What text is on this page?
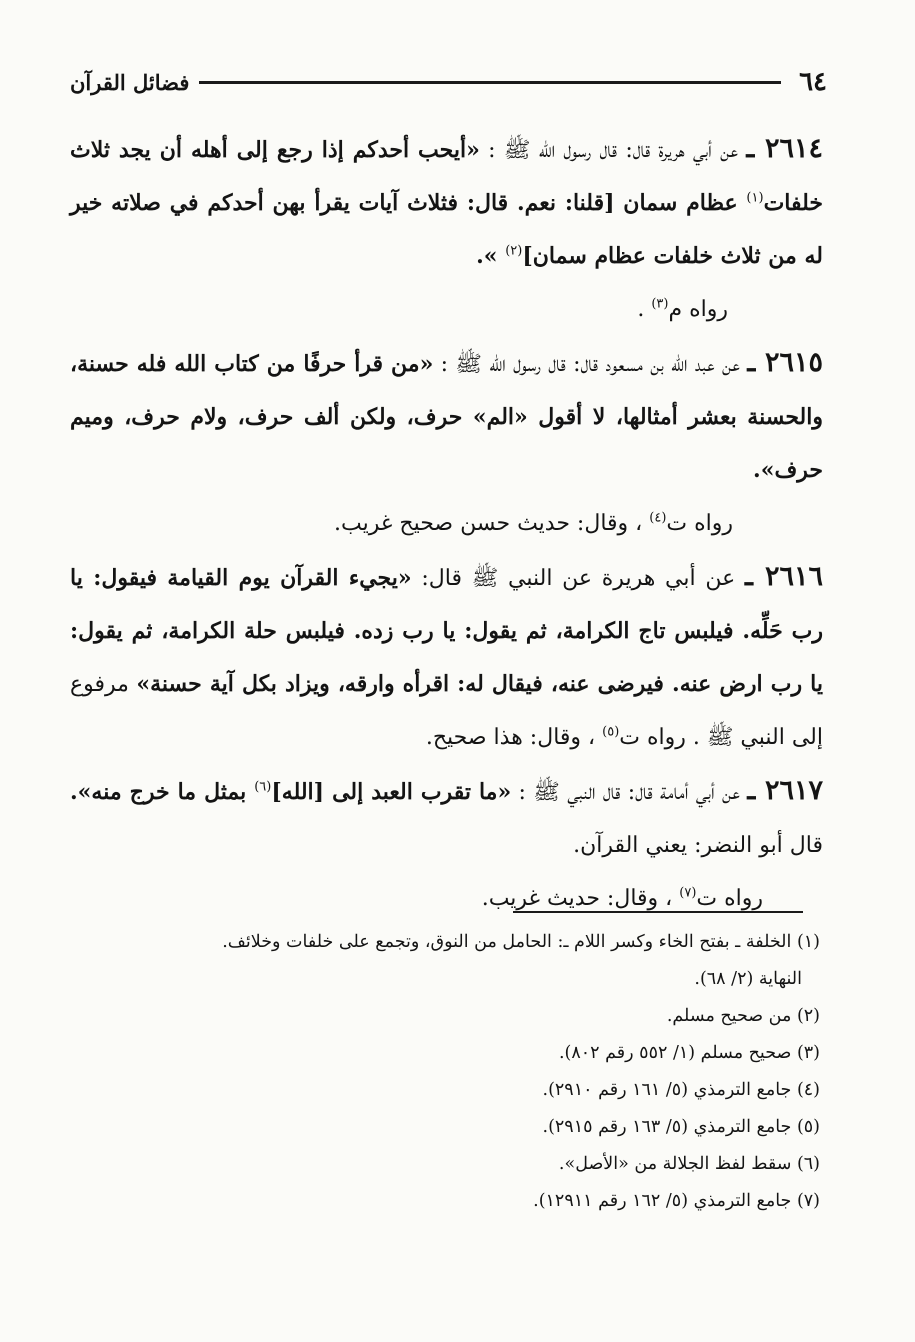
٦٤
فضائل القرآن

٢٦١٤ ـ عن أبي هريرة قال: قال رسول الله ﷺ : «أيحب أحدكم إذا رجع إلى أهله أن يجد ثلاث خلفات$^{(١)}$ عظام سمان [قلنا: نعم. قال: فثلاث آيات يقرأ بهن أحدكم في صلاته خير له من ثلاث خلفات عظام سمان]$^{(٢)}$ ».

رواه م$^{(٣)}$ .

٢٦١٥ ـ عن عبد الله بن مسعود قال: قال رسول الله ﷺ : «من قرأ حرفًا من كتاب الله فله حسنة، والحسنة بعشر أمثالها، لا أقول «الم» حرف، ولكن ألف حرف، ولام حرف، وميم حرف».

رواه ت$^{(٤)}$ ، وقال: حديث حسن صحيح غريب.

٢٦١٦ ـ عن أبي هريرة عن النبي ﷺ قال: «يجيء القرآن يوم القيامة فيقول: يا رب حَلِّه. فيلبس تاج الكرامة، ثم يقول: يا رب زده. فيلبس حلة الكرامة، ثم يقول: يا رب ارض عنه. فيرضى عنه، فيقال له: اقرأه وارقه، ويزاد بكل آية حسنة» مرفوع إلى النبي ﷺ . رواه ت$^{(٥)}$ ، وقال: هذا صحيح.

٢٦١٧ ـ عن أبي أمامة قال: قال النبي ﷺ : «ما تقرب العبد إلى [الله]$^{(٦)}$ بمثل ما خرج منه». قال أبو النضر: يعني القرآن.

رواه ت$^{(٧)}$ ، وقال: حديث غريب.

(١) الخلفة ـ بفتح الخاء وكسر اللام ـ: الحامل من النوق، وتجمع على خلفات وخلائف.
النهاية (٢/ ٦٨).

(٢) من صحيح مسلم.

(٣) صحيح مسلم (١/ ٥٥٢ رقم ٨٠٢).

(٤) جامع الترمذي (٥/ ١٦١ رقم ٢٩١٠).

(٥) جامع الترمذي (٥/ ١٦٣ رقم ٢٩١٥).

(٦) سقط لفظ الجلالة من «الأصل».

(٧) جامع الترمذي (٥/ ١٦٢ رقم ١٢٩١١).
